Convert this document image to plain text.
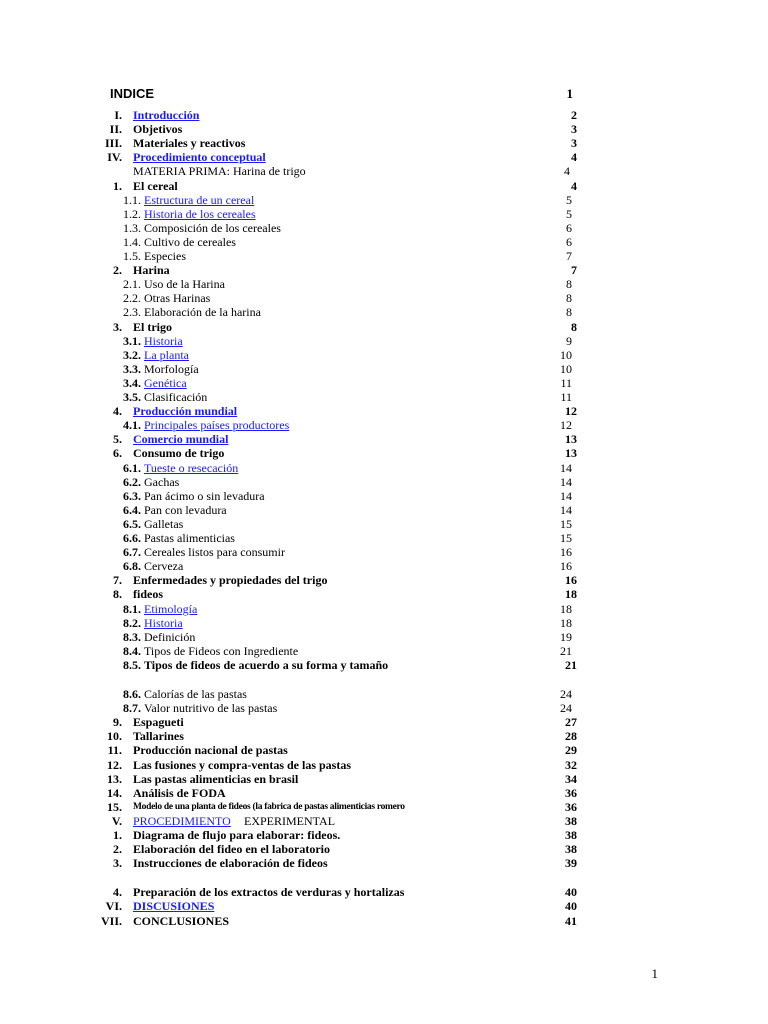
INDICE	1
I. Introducción	2
II. Objetivos	3
III. Materiales y reactivos	3
IV. Procedimiento conceptual	4
MATERIA PRIMA: Harina de trigo	4
1. El cereal	4
1.1. Estructura de un cereal	5
1.2. Historia de los cereales	5
1.3. Composición de los cereales	6
1.4. Cultivo de cereales	6
1.5. Especies	7
2. Harina	7
2.1. Uso de la Harina	8
2.2. Otras Harinas	8
2.3. Elaboración de la harina	8
3. El trigo	8
3.1. Historia	9
3.2. La planta	10
3.3. Morfología	10
3.4. Genética	11
3.5. Clasificación	11
4. Producción mundial	12
4.1. Principales países productores	12
5. Comercio mundial	13
6. Consumo de trigo	13
6.1. Tueste o resecación	14
6.2. Gachas	14
6.3. Pan ácimo o sin levadura	14
6.4. Pan con levadura	14
6.5. Galletas	15
6.6. Pastas alimenticias	15
6.7. Cereales listos para consumir	16
6.8. Cerveza	16
7. Enfermedades y propiedades del trigo	16
8. fideos	18
8.1. Etimología	18
8.2. Historia	18
8.3. Definición	19
8.4. Tipos de Fideos con Ingrediente	21
8.5. Tipos de fideos de acuerdo a su forma y tamaño	21
8.6. Calorías de las pastas	24
8.7. Valor nutritivo de las pastas	24
9. Espagueti	27
10. Tallarines	28
11. Producción nacional de pastas	29
12. Las fusiones y compra-ventas de las pastas	32
13. Las pastas alimenticias en brasil	34
14. Análisis de FODA	36
15. Modelo de una planta de fideos (la fabrica de pastas alimenticias romero	36
V. PROCEDIMIENTO EXPERIMENTAL	38
1. Diagrama de flujo para elaborar: fideos.	38
2. Elaboración del fideo en el laboratorio	38
3. Instrucciones de elaboración de fideos	39
4. Preparación de los extractos de verduras y hortalizas	40
VI. DISCUSIONES	40
VII. CONCLUSIONES	41
1
